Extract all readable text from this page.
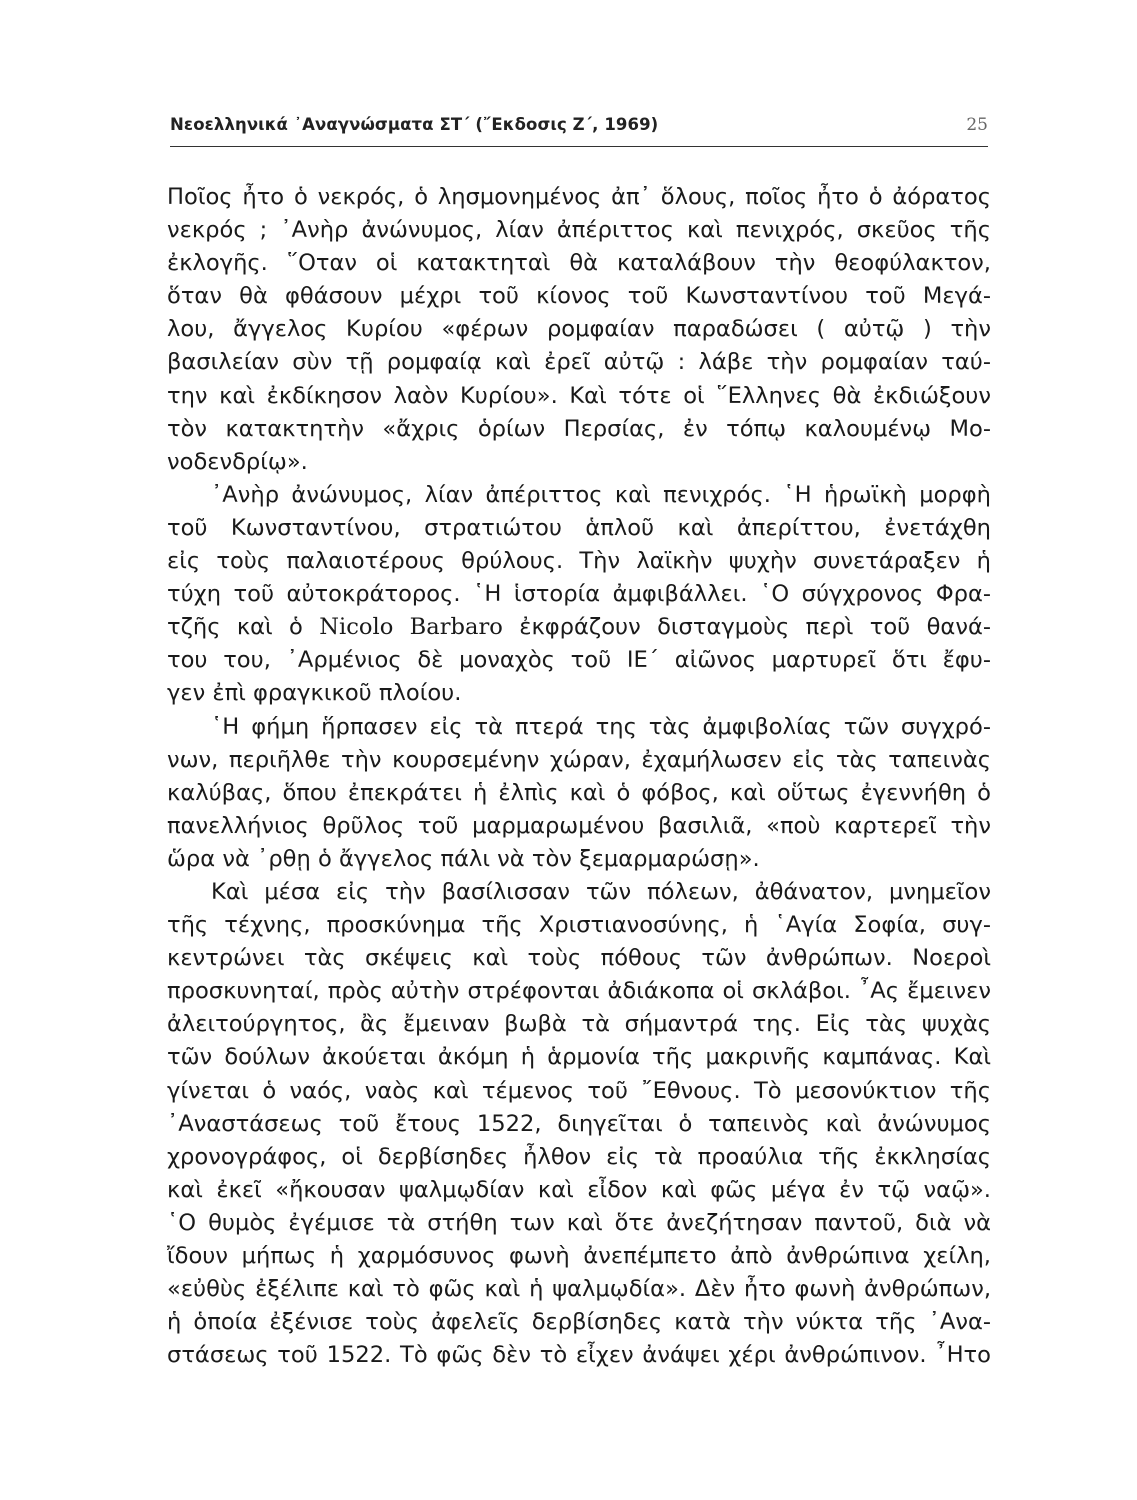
Νεοελληνικά ᾿Αναγνώσματα ΣΤ΄ (῎Εκδοσις Ζ΄, 1969)	25
Ποῖος ἦτο ὁ νεκρός, ὁ λησμονημένος ἀπ᾿ ὅλους, ποῖος ἦτο ὁ ἀόρατος
νεκρός ; ᾿Ανὴρ ἀνώνυμος, λίαν ἀπέριττος καὶ πενιχρός, σκεῦος τῆς
ἐκλογῆς. ῞Οταν οἱ κατακτηταὶ θὰ καταλάβουν τὴν θεοφύλακτον,
ὅταν θὰ φθάσουν μέχρι τοῦ κίονος τοῦ Κωνσταντίνου τοῦ Μεγά-
λου, ἄγγελος Κυρίου «φέρων ρομφαίαν παραδώσει ( αὐτῷ ) τὴν
βασιλείαν σὺν τῇ ρομφαίᾳ καὶ ἐρεῖ αὐτῷ : λάβε τὴν ρομφαίαν ταύ-
την καὶ ἐκδίκησον λαὸν Κυρίου». Καὶ τότε οἱ ῞Ελληνες θὰ ἐκδιώξουν
τὸν κατακτητὴν «ἄχρις ὁρίων Περσίας, ἐν τόπῳ καλουμένῳ Μο-
νοδενδρίῳ».
᾿Ανὴρ ἀνώνυμος, λίαν ἀπέριττος καὶ πενιχρός. ῾Η ἡρωϊκὴ μορφὴ
τοῦ Κωνσταντίνου, στρατιώτου ἁπλοῦ καὶ ἀπερίττου, ἐνετάχθη
εἰς τοὺς παλαιοτέρους θρύλους. Τὴν λαϊκὴν ψυχὴν συνετάραξεν ἡ
τύχη τοῦ αὐτοκράτορος. ῾Η ἱστορία ἀμφιβάλλει. ῾Ο σύγχρονος Φρα-
τζῆς καὶ ὁ Nicolo Barbaro ἐκφράζουν δισταγμοὺς περὶ τοῦ θανά-
του του, ᾿Αρμένιος δὲ μοναχὸς τοῦ ΙΕ΄ αἰῶνος μαρτυρεῖ ὅτι ἔφυ-
γεν ἐπὶ φραγκικοῦ πλοίου.
῾Η φήμη ἥρπασεν εἰς τὰ πτερά της τὰς ἀμφιβολίας τῶν συγχρό-
νων, περιῆλθε τὴν κουρσεμένην χώραν, ἐχαμήλωσεν εἰς τὰς ταπεινὰς
καλύβας, ὅπου ἐπεκράτει ἡ ἐλπὶς καὶ ὁ φόβος, καὶ οὕτως ἐγεννήθη ὁ
πανελλήνιος θρῦλος τοῦ μαρμαρωμένου βασιλιᾶ, «ποὺ καρτερεῖ τὴν
ὥρα νὰ ᾿ρθῃ ὁ ἄγγελος πάλι νὰ τὸν ξεμαρμαρώσῃ».
Καὶ μέσα εἰς τὴν βασίλισσαν τῶν πόλεων, ἀθάνατον, μνημεῖον
τῆς τέχνης, προσκύνημα τῆς Χριστιανοσύνης, ἡ ῾Αγία Σοφία, συγ-
κεντρώνει τὰς σκέψεις καὶ τοὺς πόθους τῶν ἀνθρώπων. Νοεροὶ
προσκυνηταί, πρὸς αὐτὴν στρέφονται ἀδιάκοπα οἱ σκλάβοι. ῏Ας ἔμεινεν
ἀλειτούργητος, ἂς ἔμειναν βωβὰ τὰ σήμαντρά της. Εἰς τὰς ψυχὰς
τῶν δούλων ἀκούεται ἀκόμη ἡ ἁρμονία τῆς μακρινῆς καμπάνας. Καὶ
γίνεται ὁ ναός, ναὸς καὶ τέμενος τοῦ ῎Εθνους. Τὸ μεσονύκτιον τῆς
᾿Αναστάσεως τοῦ ἔτους 1522, διηγεῖται ὁ ταπεινὸς καὶ ἀνώνυμος
χρονογράφος, οἱ δερβίσηδες ἦλθον εἰς τὰ προαύλια τῆς ἐκκλησίας
καὶ ἐκεῖ «ἤκουσαν ψαλμῳδίαν καὶ εἶδον καὶ φῶς μέγα ἐν τῷ ναῷ».
῾Ο θυμὸς ἐγέμισε τὰ στήθη των καὶ ὅτε ἀνεζήτησαν παντοῦ, διὰ νὰ
ἴδουν μήπως ἡ χαρμόσυνος φωνὴ ἀνεπέμπετο ἀπὸ ἀνθρώπινα χείλη,
«εὐθὺς ἐξέλιπε καὶ τὸ φῶς καὶ ἡ ψαλμῳδία». Δὲν ἦτο φωνὴ ἀνθρώπων,
ἡ ὁποία ἐξένισε τοὺς ἀφελεῖς δερβίσηδες κατὰ τὴν νύκτα τῆς ᾿Ανα-
στάσεως τοῦ 1522. Τὸ φῶς δὲν τὸ εἶχεν ἀνάψει χέρι ἀνθρώπινον. ῏Ητο
